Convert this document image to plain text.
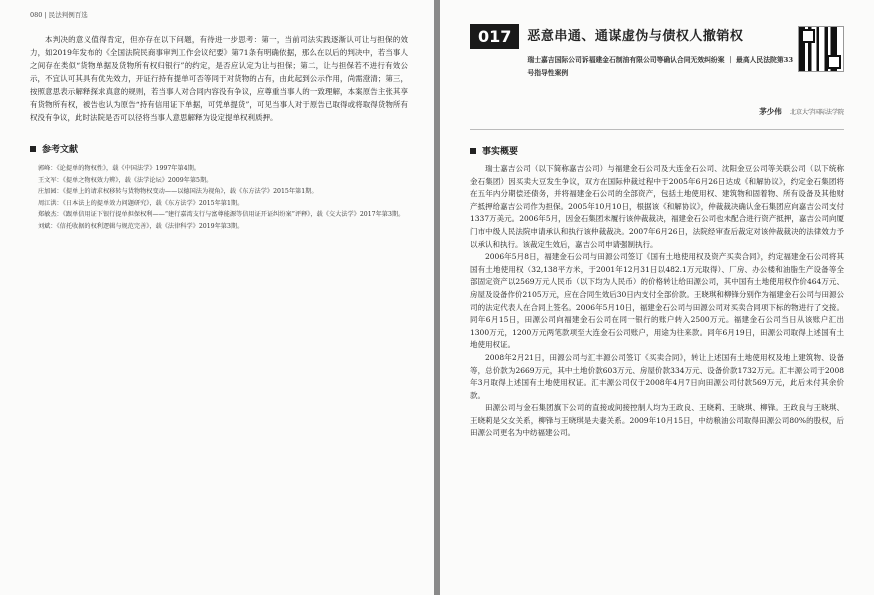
080 | 民法判例百选

本判决的意义值得肯定，但亦存在以下问题，有待进一步思考：第一，当前司法实践逐渐认可让与担保的效力，如2019年发布的《全国法院民商事审判工作会议纪要》第71条有明确依据，那么在以后的判决中，若当事人之间存在类似“货物单据及货物所有权归银行”的约定，是否应认定为让与担保；第二，让与担保若不进行有效公示，不宜认可其具有优先效力，开证行持有提单可否等同于对货物的占有，由此起到公示作用，尚需澄清；第三，按照意思表示解释探求真意的规则，若当事人对合同内容没有争议，应尊重当事人的一致理解，本案原告主张其享有货物所有权，被告也认为原告“持有信用证下单据，可凭单提货”，可见当事人对于原告已取得或将取得货物所有权没有争议，此时法院是否可以径将当事人意思解释为设定提单权利质押。

参考文献
郭峰：《论提单的物权性》，载《中国法学》1997年第4期。
王文军：《提单之物权效力辨》，载《法学论坛》2009年第5期。
庄加园：《提单上的请求权移转与货物物权变动——以德国法为视角》，载《东方法学》2015年第1期。
周江洪：《日本法上的提单效力问题研究》，载《东方法学》2015年第1期。
郑敏杰：《跟单信用证下银行提单担保权利——“建行嘉湾支行与富尊能源等信用证开证纠纷案”评释》，载《交大法学》2017年第3期。
刘斌：《信托收据的权利逻辑与规范完善》，载《法律科学》2019年第3期。
017	恶意串通、通谋虚伪与债权人撤销权
瑞士嘉吉国际公司诉福建金石制油有限公司等确认合同无效纠纷案 ｜ 最高人民法院第33号指导性案例
茅少伟 北京大学国际法学院
事实概要

瑞士嘉吉公司（以下简称嘉吉公司）与福建金石公司及大连金石公司、沈阳金豆公司等关联公司（以下统称金石集团）因买卖大豆发生争议，双方在国际仲裁过程中于2005年6月26日达成《和解协议》，约定金石集团将在五年内分期偿还债务，并将福建金石公司的全部资产，包括土地使用权、建筑物和固着物、所有设备及其他财产抵押给嘉吉公司作为担保。2005年10月10日，根据该《和解协议》，仲裁裁决确认金石集团应向嘉吉公司支付1337万美元。2006年5月，因金石集团未履行该仲裁裁决，福建金石公司也未配合进行资产抵押，嘉吉公司向厦门市中级人民法院申请承认和执行该仲裁裁决。2007年6月26日，法院经审查后裁定对该仲裁裁决的法律效力予以承认和执行。该裁定生效后，嘉吉公司申请强制执行。

2006年5月8日，福建金石公司与田源公司签订《国有土地使用权及资产买卖合同》，约定福建金石公司将其国有土地使用权（32,138平方米，于2001年12月31日以482.1万元取得）、厂房、办公楼和油脂生产设备等全部固定资产以2569万元人民币（以下均为人民币）的价格转让给田源公司，其中国有土地使用权作价464万元、房屋及设备作价2105万元，应在合同生效后30日内支付全部价款。王晓琪和柳锋分别作为福建金石公司与田源公司的法定代表人在合同上签名。2006年5月10日，福建金石公司与田源公司对买卖合同项下标的物进行了交接。同年6月15日，田源公司向福建金石公司在同一银行的账户转入2500万元。福建金石公司当日从该账户汇出1300万元，1200万元两笔款项至大连金石公司账户，用途为往来款。同年6月19日，田源公司取得上述国有土地使用权证。

2008年2月21日，田源公司与汇丰源公司签订《买卖合同》，转让上述国有土地使用权及地上建筑物、设备等，总价款为2669万元，其中土地价款603万元、房屋价款334万元、设备价款1732万元。汇丰源公司于2008年3月取得上述国有土地使用权证。汇丰源公司仅于2008年4月7日向田源公司付款569万元，此后未付其余价款。

田源公司与金石集团旗下公司的直接或间接控制人均为王政良、王晓莉、王晓琪、柳锋。王政良与王晓琪、王晓莉是父女关系，柳锋与王晓琪是夫妻关系。2009年10月15日，中纺粮油公司取得田源公司80%的股权，后田源公司更名为中纺福建公司。
